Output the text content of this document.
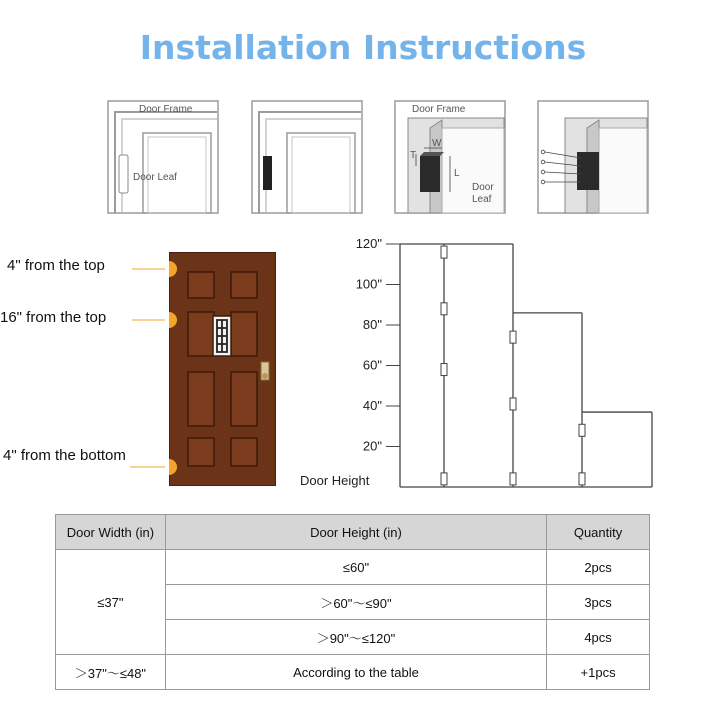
Installation Instructions
Door Frame
Door Leaf
Door Frame
W
T
L
Door
Leaf
4" from the top
16" from the top
4" from the bottom
120"
100"
80"
60"
40"
20"
Door Height
Door Width (in)	Door Height (in)	Quantity
≤37"	≤60"	2pcs
	＞60"～≤90"	3pcs
	＞90"～≤120"	4pcs
＞37"～≤48"	According to the table	+1pcs
